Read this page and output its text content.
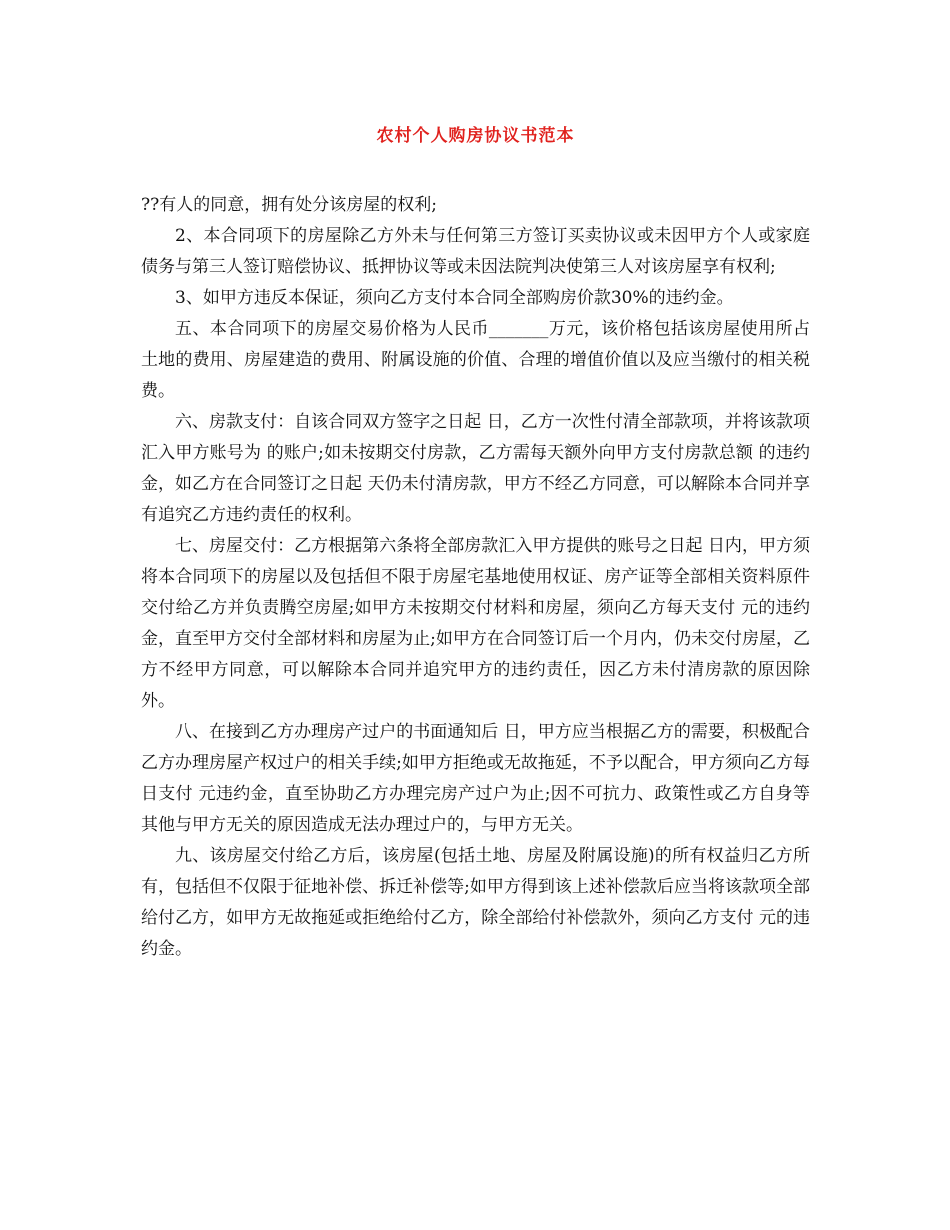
农村个人购房协议书范本

??有人的同意，拥有处分该房屋的权利;

2、本合同项下的房屋除乙方外未与任何第三方签订买卖协议或未因甲方个人或家庭债务与第三人签订赔偿协议、抵押协议等或未因法院判决使第三人对该房屋享有权利;

3、如甲方违反本保证，须向乙方支付本合同全部购房价款30%的违约金。

五、本合同项下的房屋交易价格为人民币_______万元，该价格包括该房屋使用所占土地的费用、房屋建造的费用、附属设施的价值、合理的增值价值以及应当缴付的相关税费。

六、房款支付：自该合同双方签字之日起 日，乙方一次性付清全部款项，并将该款项汇入甲方账号为 的账户;如未按期交付房款，乙方需每天额外向甲方支付房款总额 的违约金，如乙方在合同签订之日起 天仍未付清房款，甲方不经乙方同意，可以解除本合同并享有追究乙方违约责任的权利。

七、房屋交付：乙方根据第六条将全部房款汇入甲方提供的账号之日起 日内，甲方须将本合同项下的房屋以及包括但不限于房屋宅基地使用权证、房产证等全部相关资料原件交付给乙方并负责腾空房屋;如甲方未按期交付材料和房屋，须向乙方每天支付 元的违约金，直至甲方交付全部材料和房屋为止;如甲方在合同签订后一个月内，仍未交付房屋，乙方不经甲方同意，可以解除本合同并追究甲方的违约责任，因乙方未付清房款的原因除外。

八、在接到乙方办理房产过户的书面通知后 日，甲方应当根据乙方的需要，积极配合乙方办理房屋产权过户的相关手续;如甲方拒绝或无故拖延，不予以配合，甲方须向乙方每日支付 元违约金，直至协助乙方办理完房产过户为止;因不可抗力、政策性或乙方自身等其他与甲方无关的原因造成无法办理过户的，与甲方无关。

九、该房屋交付给乙方后，该房屋(包括土地、房屋及附属设施)的所有权益归乙方所有，包括但不仅限于征地补偿、拆迁补偿等;如甲方得到该上述补偿款后应当将该款项全部给付乙方，如甲方无故拖延或拒绝给付乙方，除全部给付补偿款外，须向乙方支付 元的违约金。
